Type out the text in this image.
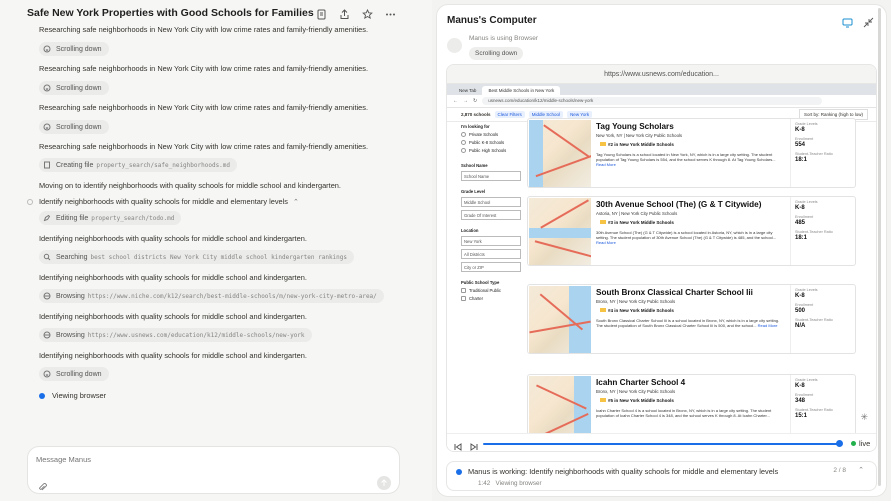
Safe New York Properties with Good Schools for Families
Researching safe neighborhoods in New York City with low crime rates and family-friendly amenities.
Scrolling down
Researching safe neighborhoods in New York City with low crime rates and family-friendly amenities.
Scrolling down
Researching safe neighborhoods in New York City with low crime rates and family-friendly amenities.
Scrolling down
Researching safe neighborhoods in New York City with low crime rates and family-friendly amenities.
Creating file property_search/safe_neighborhoods.md
Moving on to identify neighborhoods with quality schools for middle school and kindergarten.
Identify neighborhoods with quality schools for middle and elementary levels ⌃
Editing file property_search/todo.md
Identifying neighborhoods with quality schools for middle school and kindergarten.
Searching best school districts New York City middle school kindergarten rankings
Identifying neighborhoods with quality schools for middle school and kindergarten.
Browsing https://www.niche.com/k12/search/best-middle-schools/m/new-york-city-metro-area/
Identifying neighborhoods with quality schools for middle school and kindergarten.
Browsing https://www.usnews.com/education/k12/middle-schools/new-york
Identifying neighborhoods with quality schools for middle school and kindergarten.
Scrolling down
Viewing browser
Message Manus
Manus's Computer
Manus is using Browser
Scrolling down
https://www.usnews.com/education...
New Tab	Best Middle Schools in New York
← → ↻	usnews.com/education/k12/middle-schools/new-york
2,870 schools	Clear Filters	Middle School	New York	Sort by: Ranking (high to low)
I'm looking for
Private Schools
Public K-8 Schools
Public High Schools
School Name
School Name
Grade Level
Middle School
Grade Of Interest
Location
New York
All Districts
City or ZIP
Public School Type
Traditional Public
Charter
Tag Young Scholars
New York, NY | New York City Public Schools
#2 in New York Middle Schools
Tag Young Scholars is a school located in New York, NY, which is in a large city setting. The student population of Tag Young Scholars is 554, and the school serves K through 8. At Tag Young Scholars... Read More
Grade Levels
K-8
Enrollment
554
Student-Teacher Ratio
18:1
30th Avenue School (The) (G & T Citywide)
Astoria, NY | New York City Public Schools
#3 in New York Middle Schools
30th Avenue School (The) (G & T Citywide) is a school located in Astoria, NY, which is in a large city setting. The student population of 30th Avenue School (The) (G & T Citywide) is 485, and the school... Read More
Grade Levels
K-8
Enrollment
485
Student-Teacher Ratio
18:1
South Bronx Classical Charter School Iii
Bronx, NY | New York City Public Schools
#4 in New York Middle Schools
South Bronx Classical Charter School Iii is a school located in Bronx, NY, which is in a large city setting. The student population of South Bronx Classical Charter School Iii is 500, and the school... Read More
Grade Levels
K-8
Enrollment
500
Student-Teacher Ratio
N/A
Icahn Charter School 4
Bronx, NY | New York City Public Schools
#5 in New York Middle Schools
Icahn Charter School 4 is a school located in Bronx, NY, which is in a large city setting. The student population of Icahn Charter School 4 is 348, and the school serves K through 8. At Icahn Charter...
Grade Levels
K-8
Enrollment
348
Student-Teacher Ratio
15:1	✳
live
Manus is working: Identify neighborhoods with quality schools for middle and elementary levels
1:42 Viewing browser
2 / 8 ⌃
